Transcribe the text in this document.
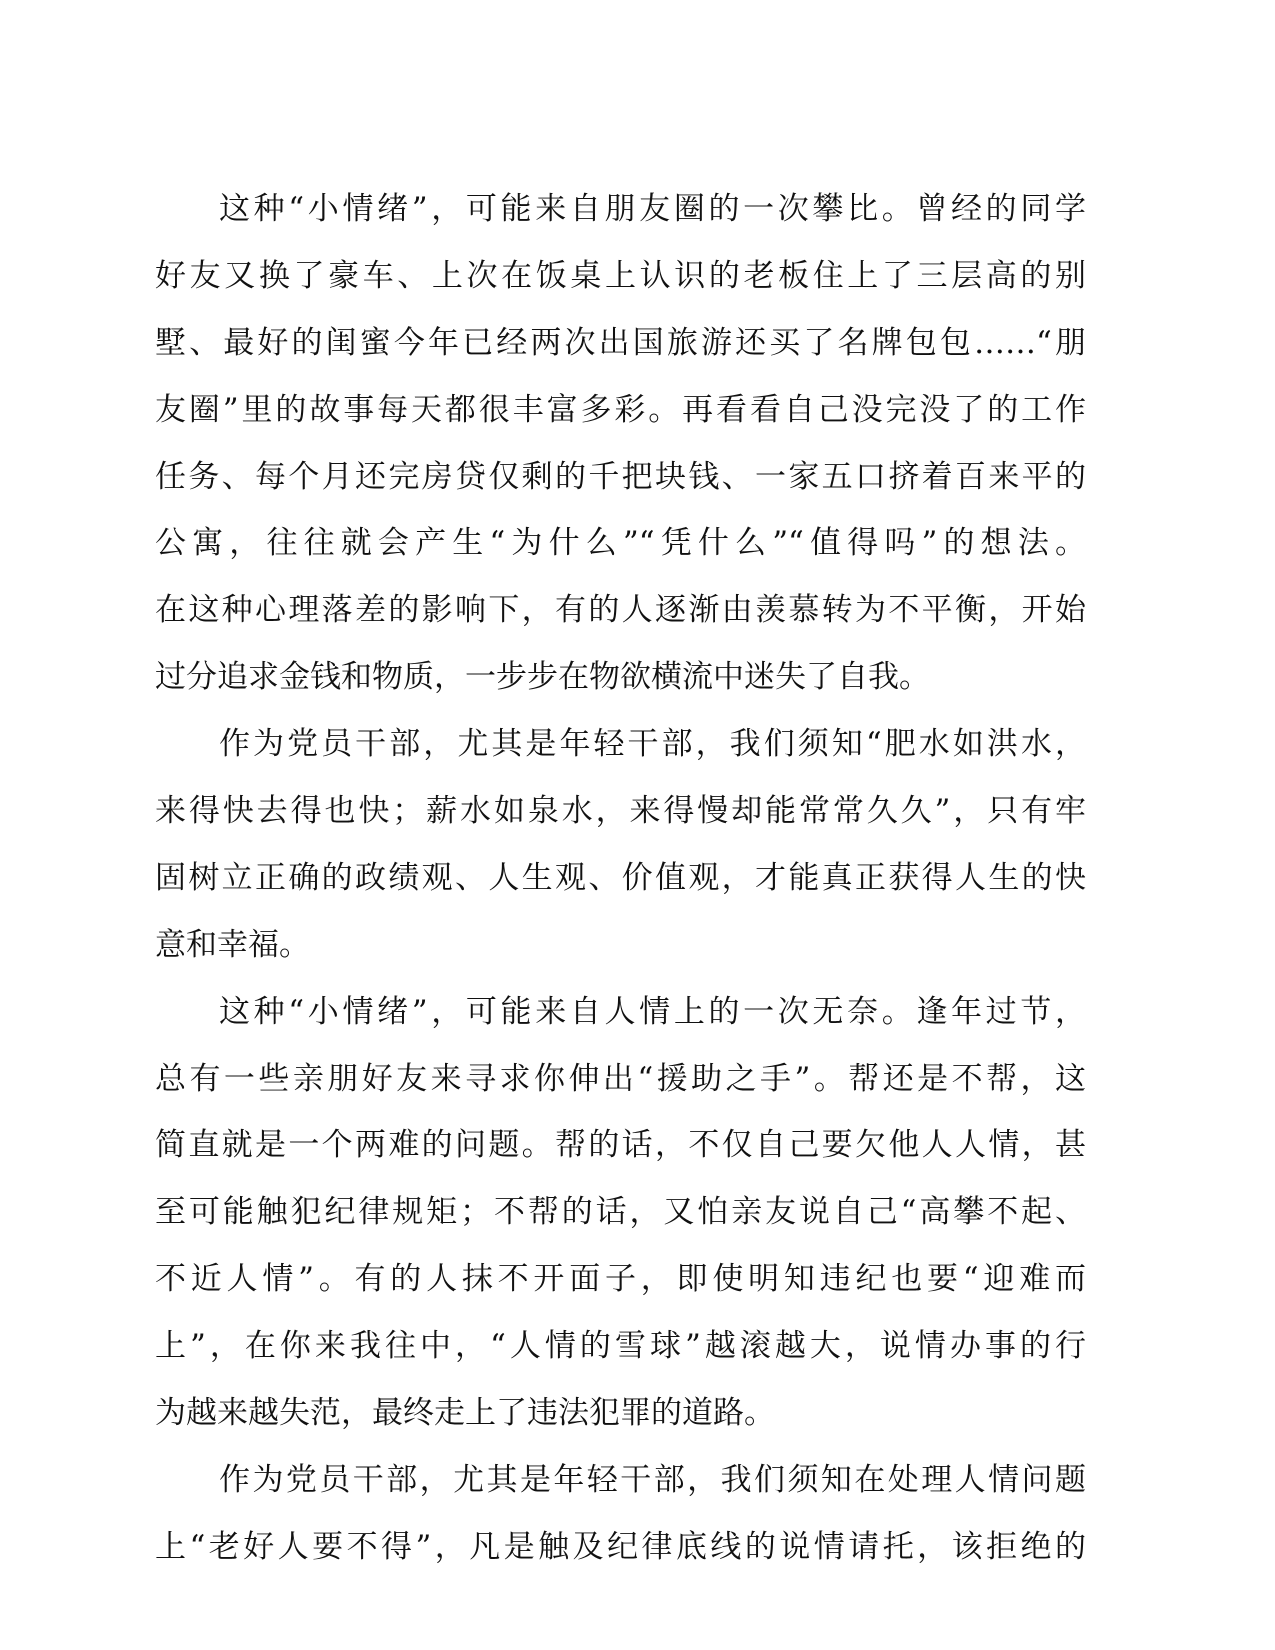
这种“小情绪”，可能来自朋友圈的一次攀比。曾经的同学
好友又换了豪车、上次在饭桌上认识的老板住上了三层高的别
墅、最好的闺蜜今年已经两次出国旅游还买了名牌包包……“朋
友圈”里的故事每天都很丰富多彩。再看看自己没完没了的工作
任务、每个月还完房贷仅剩的千把块钱、一家五口挤着百来平的
公寓，往往就会产生“为什么”“凭什么”“值得吗”的想法。
在这种心理落差的影响下，有的人逐渐由羡慕转为不平衡，开始
过分追求金钱和物质，一步步在物欲横流中迷失了自我。
作为党员干部，尤其是年轻干部，我们须知“肥水如洪水，
来得快去得也快；薪水如泉水，来得慢却能常常久久”，只有牢
固树立正确的政绩观、人生观、价值观，才能真正获得人生的快
意和幸福。
这种“小情绪”，可能来自人情上的一次无奈。逢年过节，
总有一些亲朋好友来寻求你伸出“援助之手”。帮还是不帮，这
简直就是一个两难的问题。帮的话，不仅自己要欠他人人情，甚
至可能触犯纪律规矩；不帮的话，又怕亲友说自己“高攀不起、
不近人情”。有的人抹不开面子，即使明知违纪也要“迎难而
上”，在你来我往中，“人情的雪球”越滚越大，说情办事的行
为越来越失范，最终走上了违法犯罪的道路。
作为党员干部，尤其是年轻干部，我们须知在处理人情问题
上“老好人要不得”，凡是触及纪律底线的说情请托，该拒绝的
